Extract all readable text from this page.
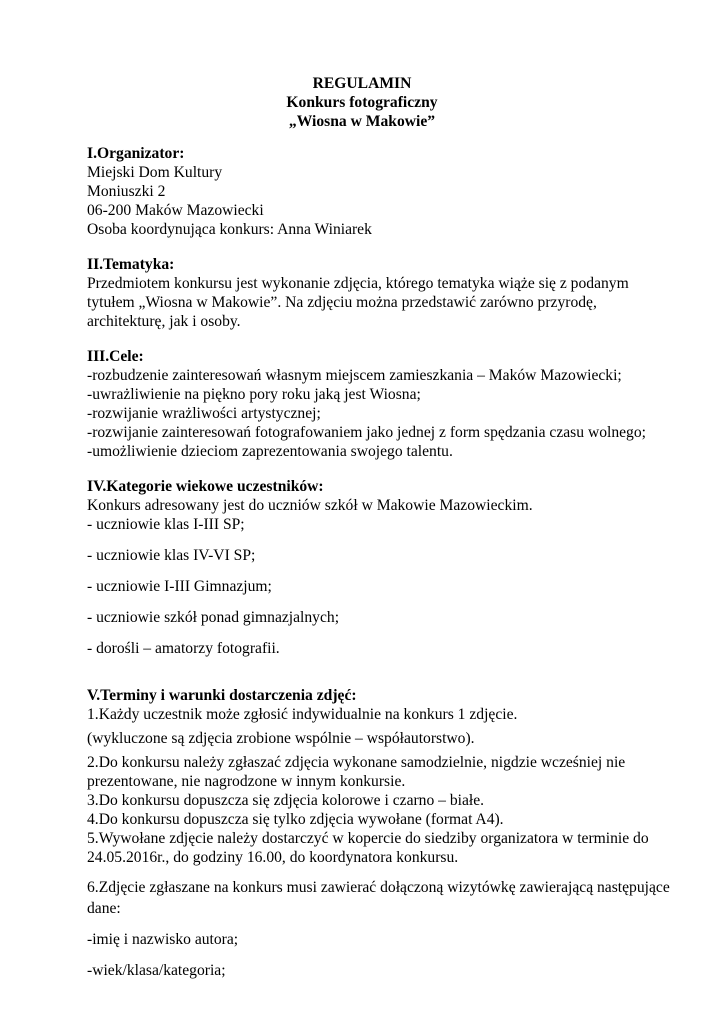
REGULAMIN
Konkurs fotograficzny
„Wiosna w Makowie”
I.Organizator:
Miejski Dom Kultury
Moniuszki 2
06-200 Maków Mazowiecki
Osoba koordynująca konkurs: Anna Winiarek
II.Tematyka:
Przedmiotem konkursu jest wykonanie zdjęcia, którego tematyka wiąże się z podanym
tytułem „Wiosna w Makowie”. Na zdjęciu można przedstawić zarówno przyrodę,
architekturę, jak i osoby.
III.Cele:
-rozbudzenie zainteresowań własnym miejscem zamieszkania – Maków Mazowiecki;
-uwrażliwienie na piękno pory roku jaką jest Wiosna;
-rozwijanie wrażliwości artystycznej;
-rozwijanie zainteresowań fotografowaniem jako jednej z form spędzania czasu wolnego;
-umożliwienie dzieciom zaprezentowania swojego talentu.
IV.Kategorie wiekowe uczestników:
Konkurs adresowany jest do uczniów szkół w Makowie Mazowieckim.
- uczniowie klas I-III SP;
- uczniowie klas IV-VI SP;
- uczniowie I-III Gimnazjum;
- uczniowie szkół ponad gimnazjalnych;
- dorośli – amatorzy fotografii.
V.Terminy i warunki dostarczenia zdjęć:
1.Każdy uczestnik może zgłosić indywidualnie na konkurs 1 zdjęcie.
(wykluczone są zdjęcia zrobione wspólnie – współautorstwo).
2.Do konkursu należy zgłaszać zdjęcia wykonane samodzielnie, nigdzie wcześniej nie
prezentowane, nie nagrodzone w innym konkursie.
3.Do konkursu dopuszcza się zdjęcia kolorowe i czarno – białe.
4.Do konkursu dopuszcza się tylko zdjęcia wywołane (format A4).
5.Wywołane zdjęcie należy dostarczyć w kopercie do siedziby organizatora w terminie do
24.05.2016r., do godziny 16.00, do koordynatora konkursu.
6.Zdjęcie zgłaszane na konkurs musi zawierać dołączoną wizytówkę zawierającą następujące
dane:
-imię i nazwisko autora;
-wiek/klasa/kategoria;
